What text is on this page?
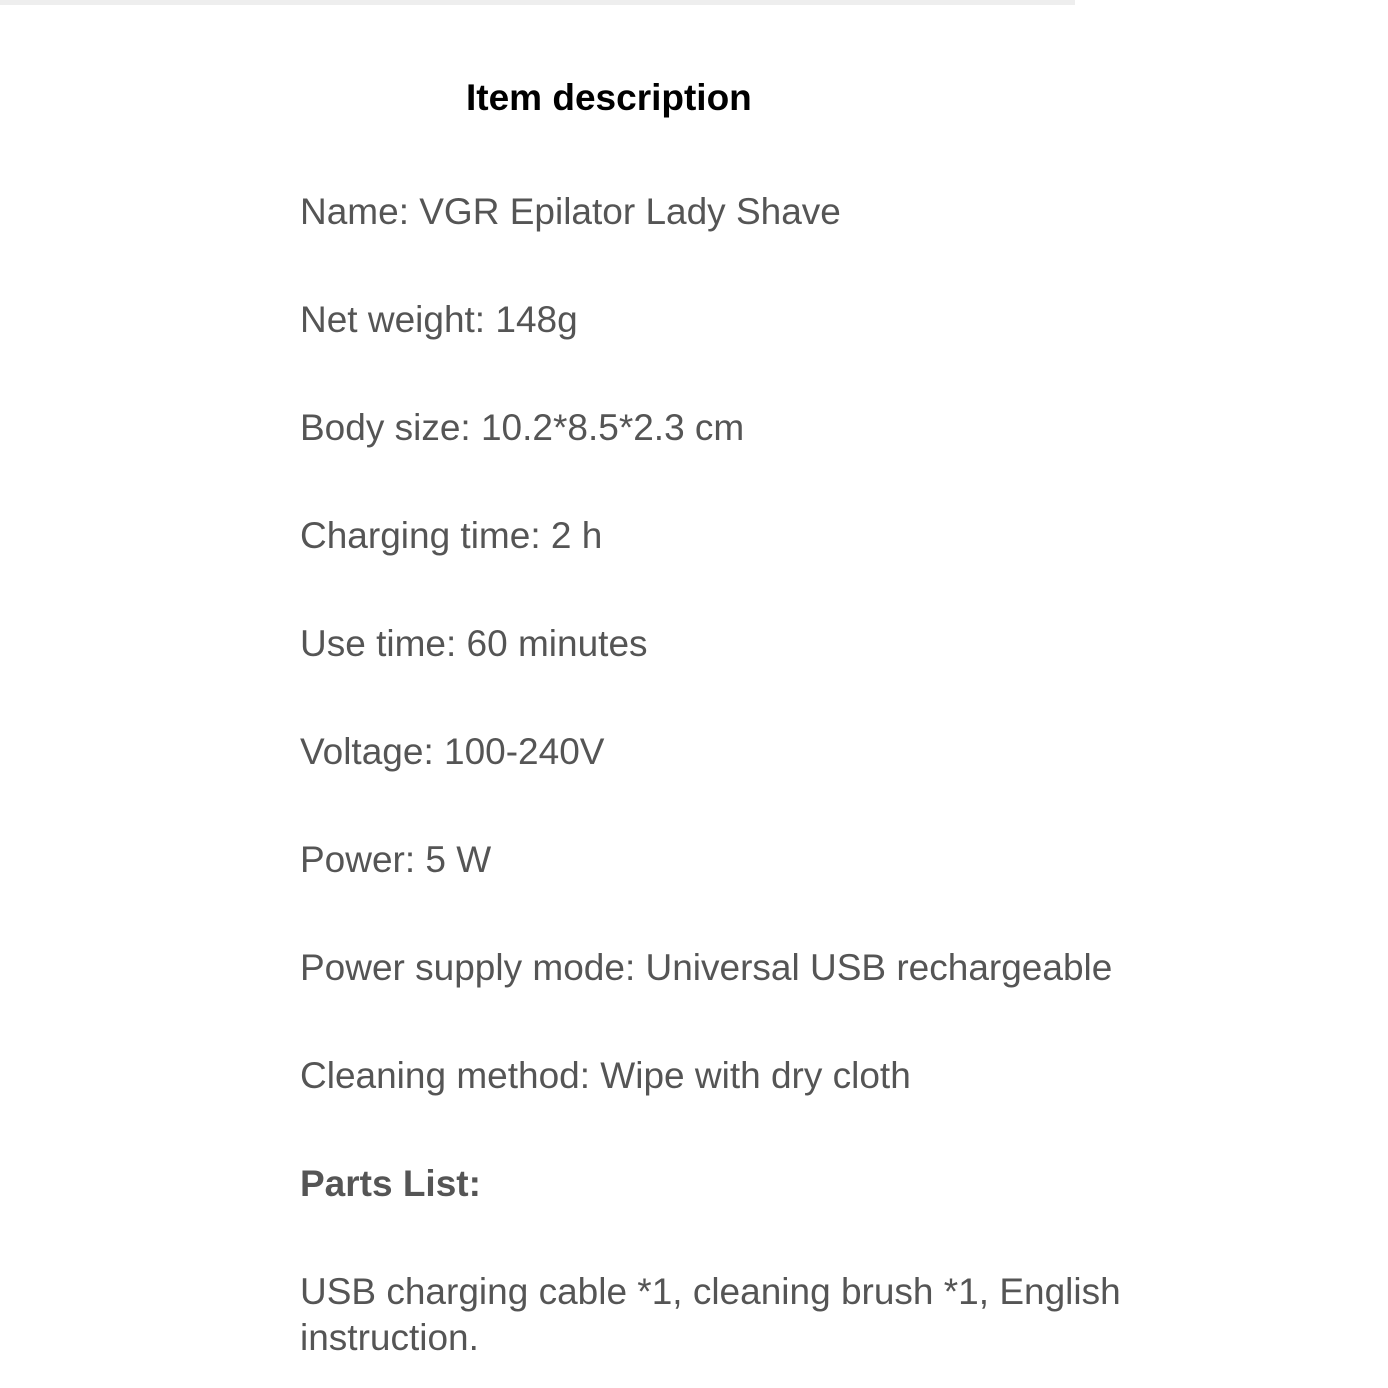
Item description
Name: VGR Epilator Lady Shave
Net weight: 148g
Body size: 10.2*8.5*2.3 cm
Charging time: 2 h
Use time: 60 minutes
Voltage: 100-240V
Power: 5 W
Power supply mode: Universal USB rechargeable
Cleaning method: Wipe with dry cloth
Parts List:
USB charging cable *1, cleaning brush *1, English instruction.
